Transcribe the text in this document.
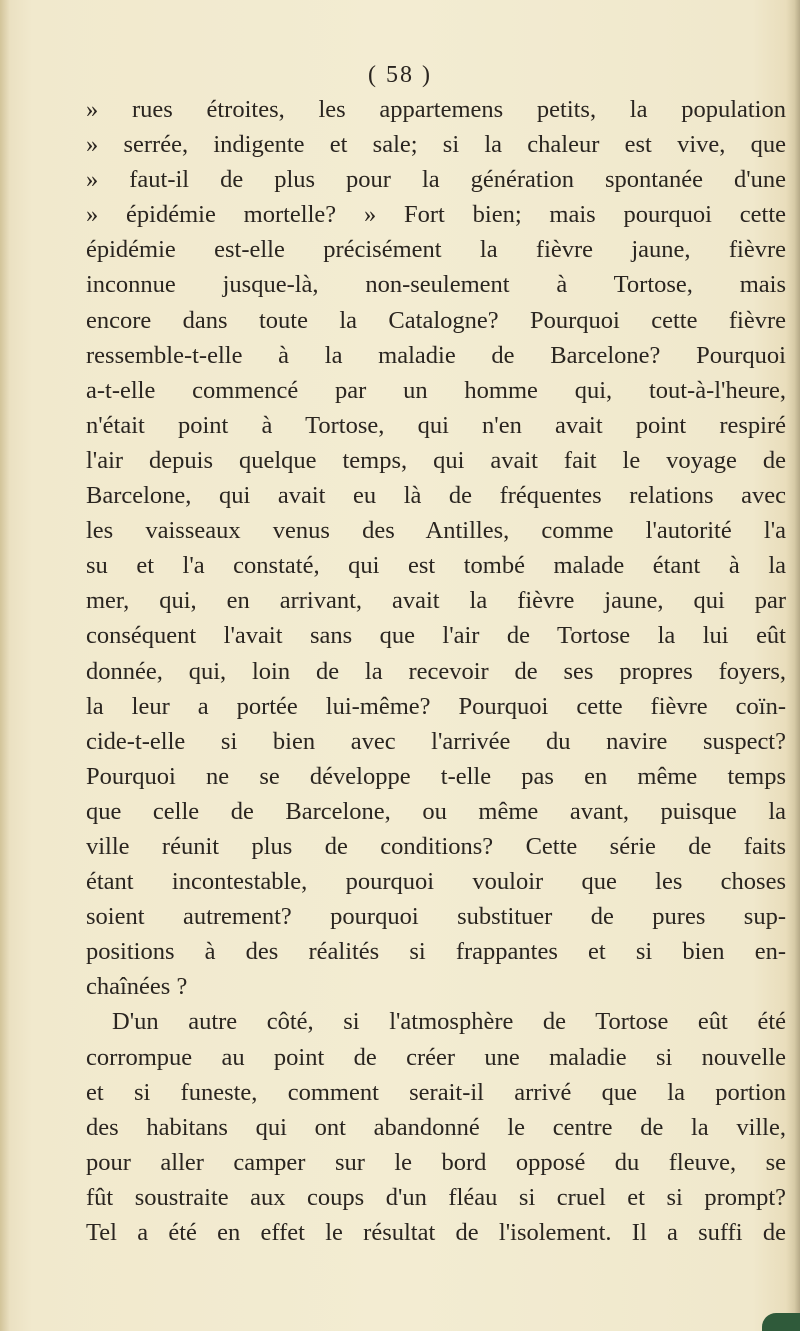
( 58 )
» rues étroites, les appartemens petits, la population
» serrée, indigente et sale; si la chaleur est vive, que
» faut-il de plus pour la génération spontanée d'une
» épidémie mortelle? » Fort bien; mais pourquoi cette
épidémie est-elle précisément la fièvre jaune, fièvre
inconnue jusque-là, non-seulement à Tortose, mais
encore dans toute la Catalogne? Pourquoi cette fièvre
ressemble-t-elle à la maladie de Barcelone? Pourquoi
a-t-elle commencé par un homme qui, tout-à-l'heure,
n'était point à Tortose, qui n'en avait point respiré
l'air depuis quelque temps, qui avait fait le voyage de
Barcelone, qui avait eu là de fréquentes relations avec
les vaisseaux venus des Antilles, comme l'autorité l'a
su et l'a constaté, qui est tombé malade étant à la
mer, qui, en arrivant, avait la fièvre jaune, qui par
conséquent l'avait sans que l'air de Tortose la lui eût
donnée, qui, loin de la recevoir de ses propres foyers,
la leur a portée lui-même? Pourquoi cette fièvre coïn-
cide-t-elle si bien avec l'arrivée du navire suspect?
Pourquoi ne se développe t-elle pas en même temps
que celle de Barcelone, ou même avant, puisque la
ville réunit plus de conditions? Cette série de faits
étant incontestable, pourquoi vouloir que les choses
soient autrement? pourquoi substituer de pures sup-
positions à des réalités si frappantes et si bien en-
chaînées ?
D'un autre côté, si l'atmosphère de Tortose eût été
corrompue au point de créer une maladie si nouvelle
et si funeste, comment serait-il arrivé que la portion
des habitans qui ont abandonné le centre de la ville,
pour aller camper sur le bord opposé du fleuve, se
fût soustraite aux coups d'un fléau si cruel et si prompt?
Tel a été en effet le résultat de l'isolement. Il a suffi de
